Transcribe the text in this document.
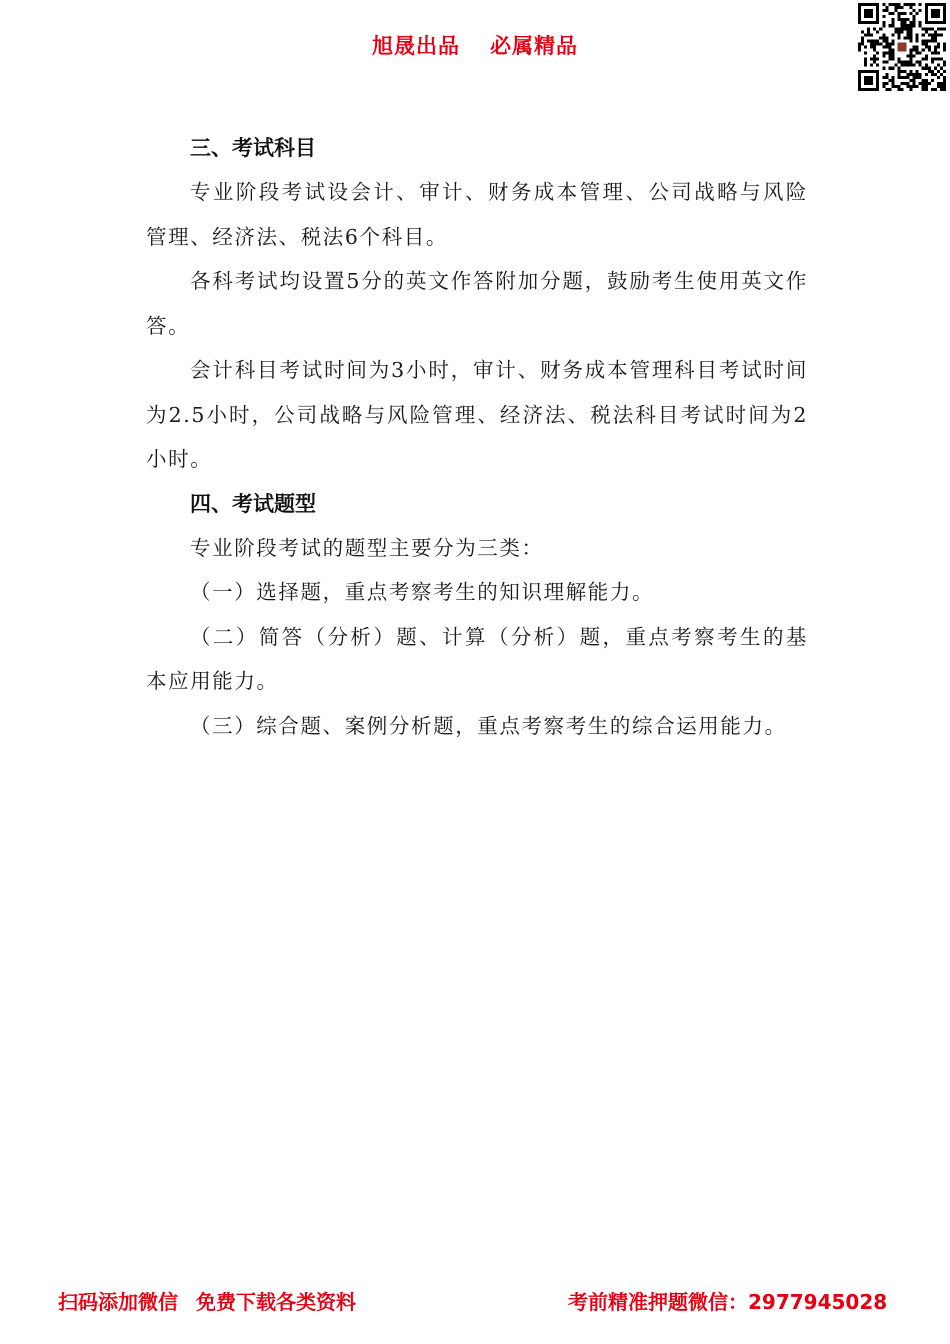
旭晟出品 必属精品

三、考试科目

专业阶段考试设会计、审计、财务成本管理、公司战略与风险管理、经济法、税法6个科目。

各科考试均设置5分的英文作答附加分题，鼓励考生使用英文作答。

会计科目考试时间为3小时，审计、财务成本管理科目考试时间为2.5小时，公司战略与风险管理、经济法、税法科目考试时间为2小时。

四、考试题型

专业阶段考试的题型主要分为三类：

（一）选择题，重点考察考生的知识理解能力。

（二）简答（分析）题、计算（分析）题，重点考察考生的基本应用能力。

（三）综合题、案例分析题，重点考察考生的综合运用能力。

扫码添加微信 免费下载各类资料	考前精准押题微信：2977945028
